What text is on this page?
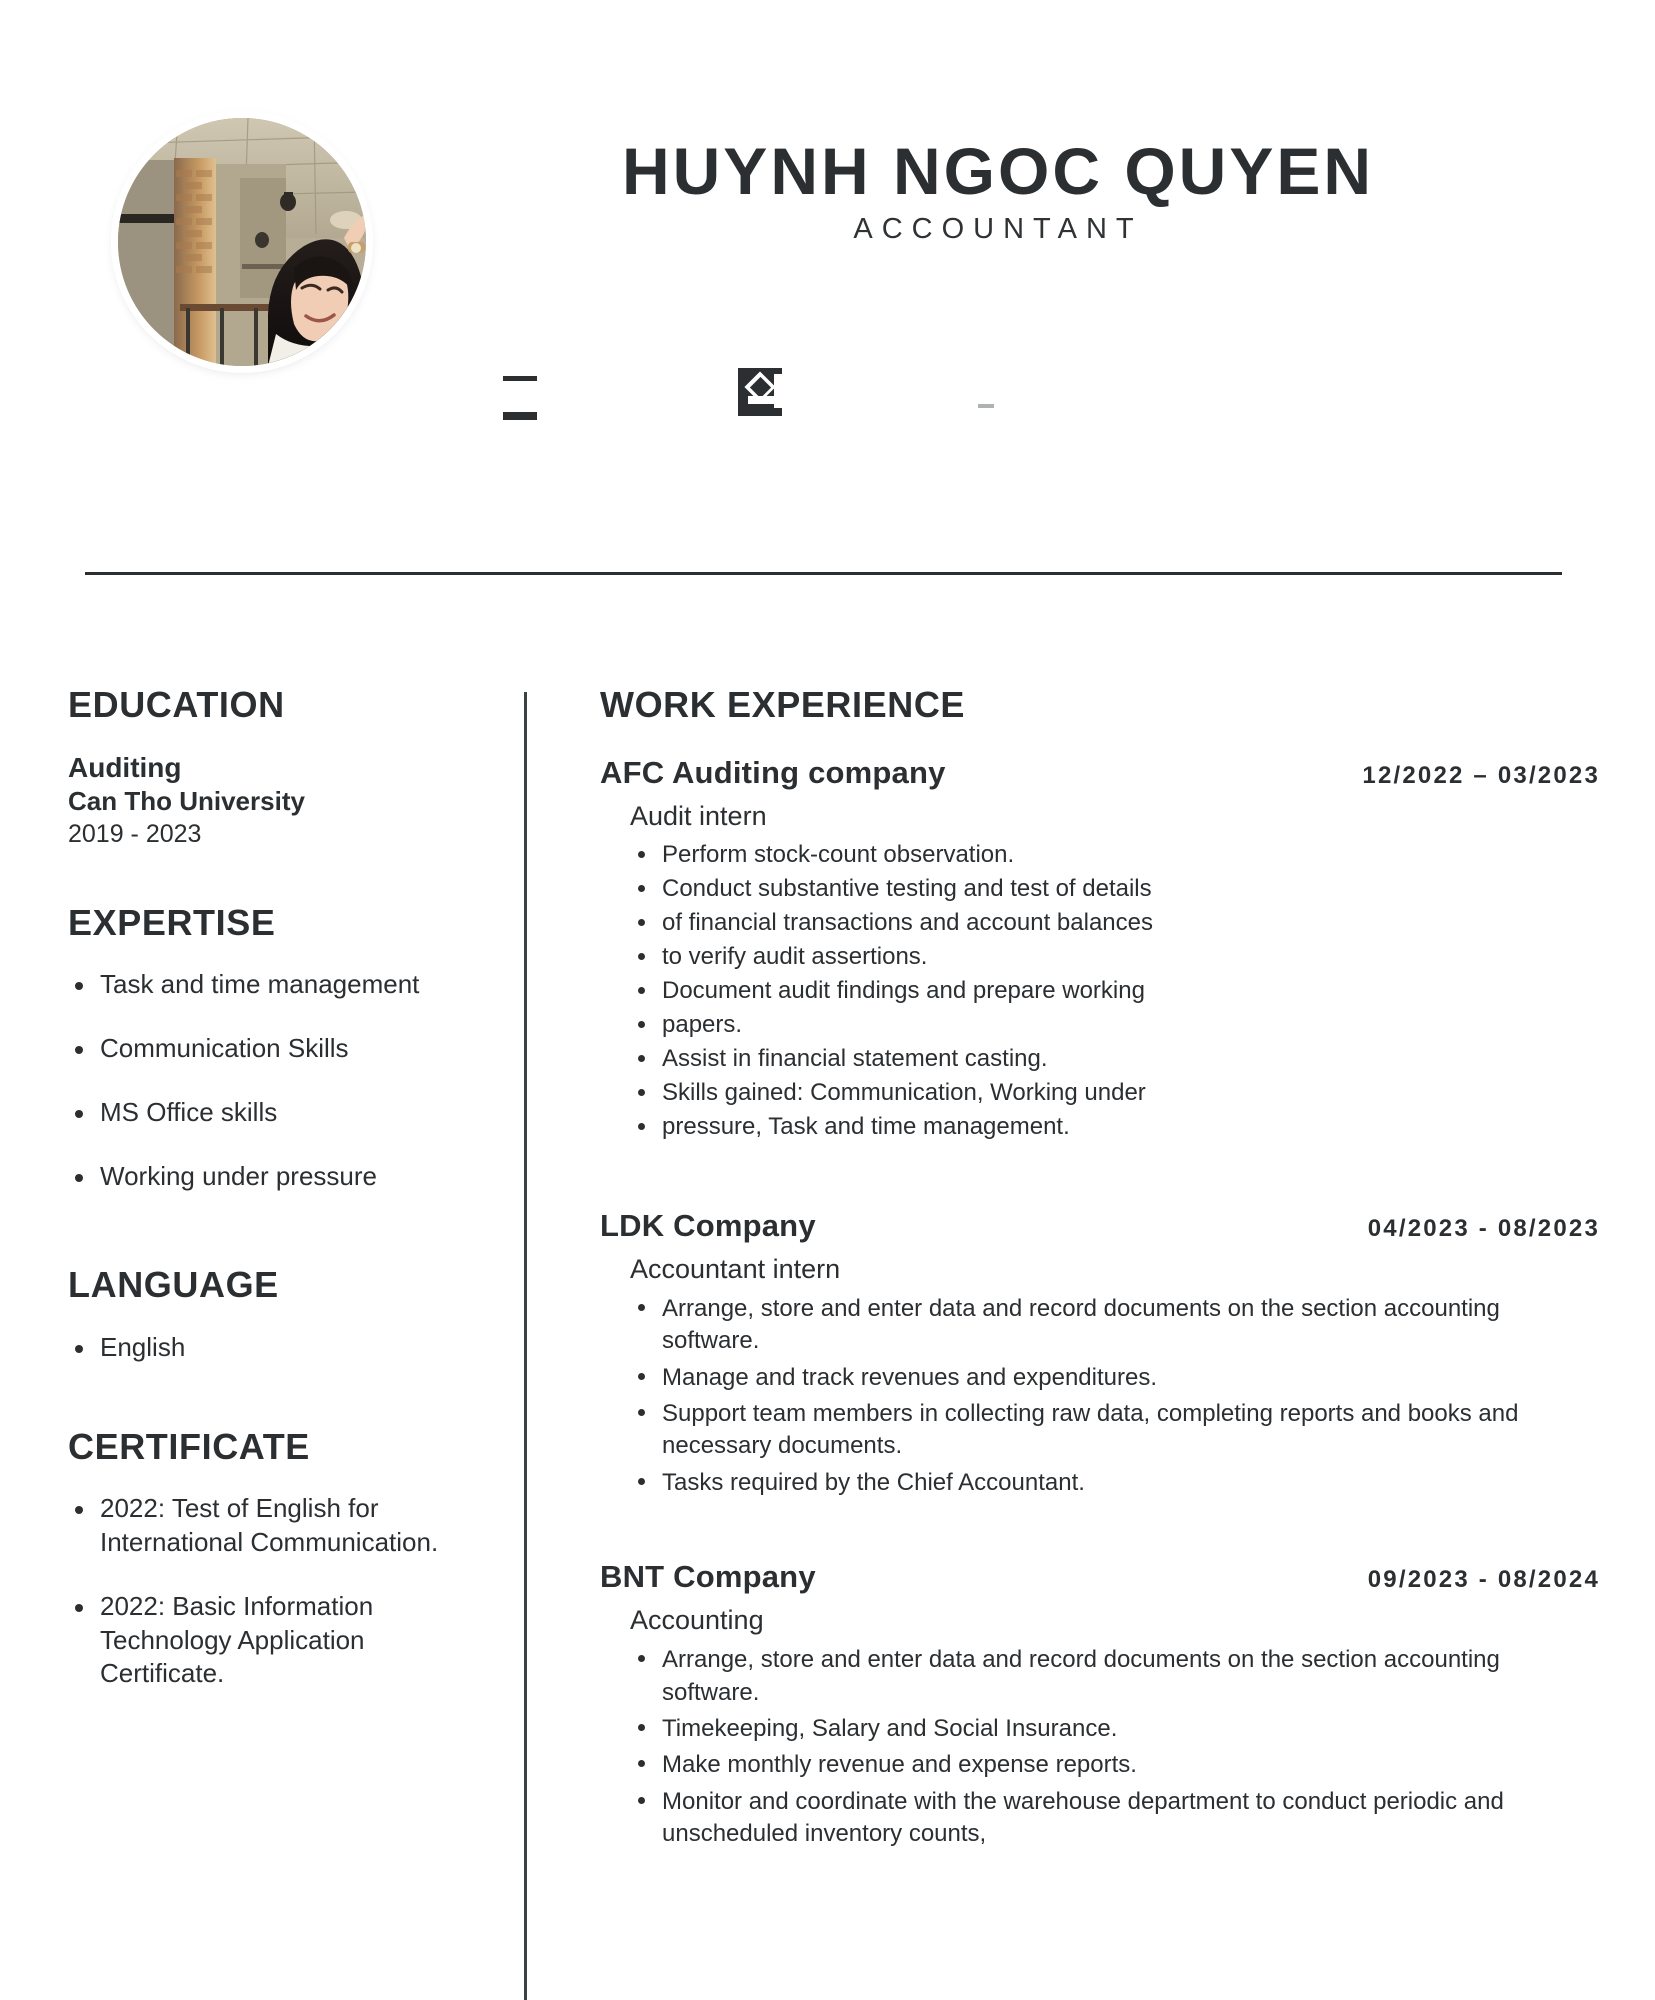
HUYNH NGOC QUYEN
ACCOUNTANT
EDUCATION
Auditing
Can Tho University
2019 - 2023
EXPERTISE
Task and time management
Communication Skills
MS Office skills
Working under pressure
LANGUAGE
English
CERTIFICATE
2022: Test of English for International Communication.
2022: Basic Information Technology Application Certificate.
WORK EXPERIENCE
AFC Auditing company	12/2022 – 03/2023
Audit intern
Perform stock-count observation.
Conduct substantive testing and test of details
of financial transactions and account balances
to verify audit assertions.
Document audit findings and prepare working
papers.
Assist in financial statement casting.
Skills gained: Communication, Working under
pressure, Task and time management.
LDK Company	04/2023 - 08/2023
Accountant intern
Arrange, store and enter data and record documents on the section accounting software.
Manage and track revenues and expenditures.
Support team members in collecting raw data, completing reports and books and necessary documents.
Tasks required by the Chief Accountant.
BNT Company	09/2023 - 08/2024
Accounting
Arrange, store and enter data and record documents on the section accounting software.
Timekeeping, Salary and Social Insurance.
Make monthly revenue and expense reports.
Monitor and coordinate with the warehouse department to conduct periodic and unscheduled inventory counts,
